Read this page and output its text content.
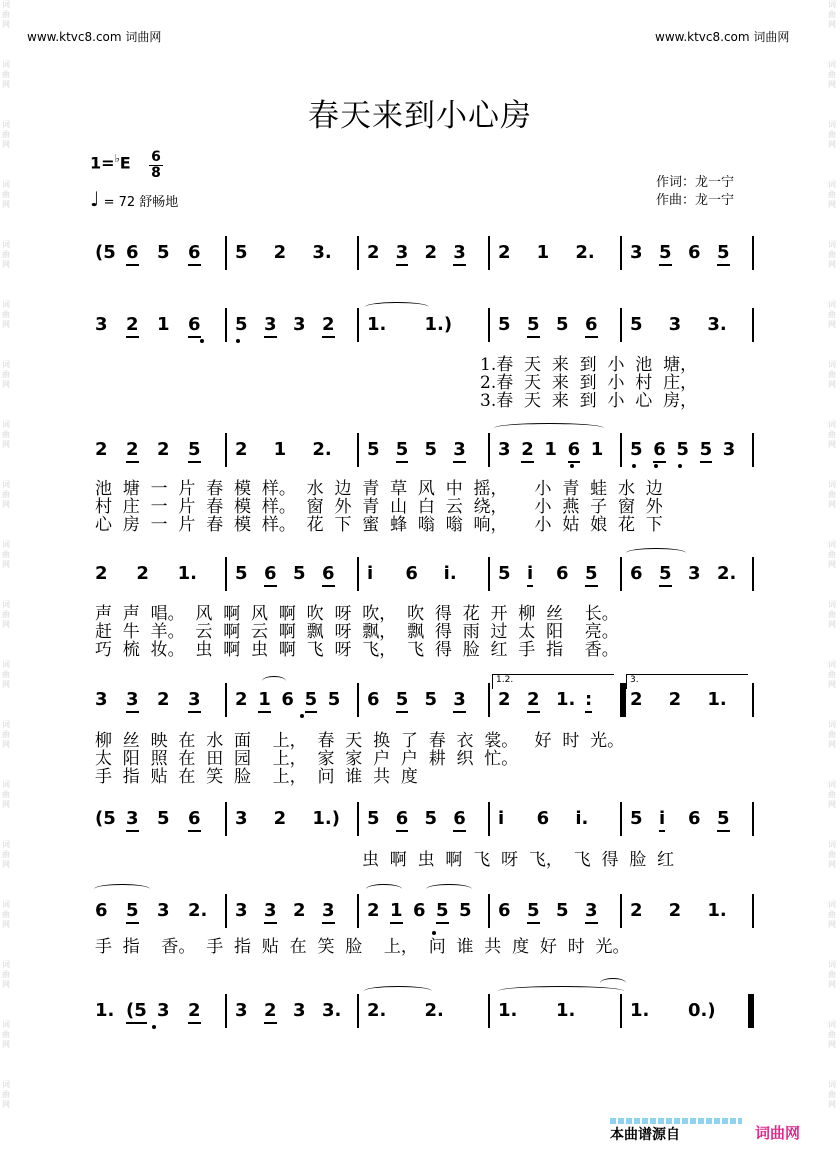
www.ktvc8.com 词曲网	www.ktvc8.com 词曲网
词
曲
网
词
曲
网
词
曲
网
词
曲
网
词
曲
网
词
曲
网
词
曲
网
词
曲
网
词
曲
网
词
曲
网
词
曲
网
词
曲
网
词
曲
网
词
曲
网
词
曲
网
词
曲
网
词
曲
网
词
曲
网
词
曲
网
词
曲
网
词
曲
网
词
曲
网
词
曲
网
词
曲
网
词
曲
网
词
曲
网
词
曲
网
词
曲
网
词
曲
网
词
曲
网
词
曲
网
词
曲
网
词
曲
网
词
曲
网
词
曲
网
词
曲
网
词
曲
网
词
曲
网
春天来到小心房
$1=^♭E \frac{6}{8}$
♩ = 72 舒畅地
作词：龙一宁
作曲：龙一宁
(5 6 5 6 5 2 3. 2 3 2 3 2 1 2. 3 5 6 5
3 2 1 6 5 3 3 2 1. 1.)	5 5 5 6 5 3 3.
2 2 2 5 2 1 2. 5 5 5 3 3 2 1 6 1 5 6 5 5 3
2 2 1. 5 6 5 6 i 6 i. 5 i 6 5 6 5 3 2.
3 3 2 3 2 1 6 5 5 6 5 5 3 2 2 1. : 2 2 1.
(5 3 5 6 3 2 1.) 5 6 5 6 i 6 i. 5 i 6 5
6 5 3 2. 3 3 2 3 2 1 6 5 5 6 5 5 3 2 2 1.
1. (5 3 2 3 2 3 3. 2. 2.	1. 1.	1. 0.)
1.春  天  来  到  小  池  塘，
2.春  天  来  到  小  村  庄，
3.春  天  来  到  小  心  房，
池  塘  一  片  春  模  样。  水  边  青  草  风  中  摇，     小  青  蛙  水  边
村  庄  一  片  春  模  样。  窗  外  青  山  白  云  绕，     小  燕  子  窗  外
心  房  一  片  春  模  样。  花  下  蜜  蜂  嗡  嗡  响，     小  姑  娘  花  下
声  声  唱。  风  啊  风  啊  吹  呀  吹，  吹  得  花  开  柳  丝    长。
赶  牛  羊。  云  啊  云  啊  飘  呀  飘，  飘  得  雨  过  太  阳    亮。
巧  梳  妆。  虫  啊  虫  啊  飞  呀  飞，  飞  得  脸  红  手  指    香。
柳  丝  映  在  水  面    上，  春  天  换  了  春  衣  裳。   好  时  光。
太  阳  照  在  田  园    上，  家  家  户  户  耕  织  忙。
手  指  贴  在  笑  脸    上，  问  谁  共  度
虫  啊  虫  啊  飞  呀  飞，  飞  得  脸  红
手  指    香。  手  指  贴  在  笑  脸    上，  问  谁  共  度  好  时  光。
1.2.	3.
本曲谱源自	词曲网
